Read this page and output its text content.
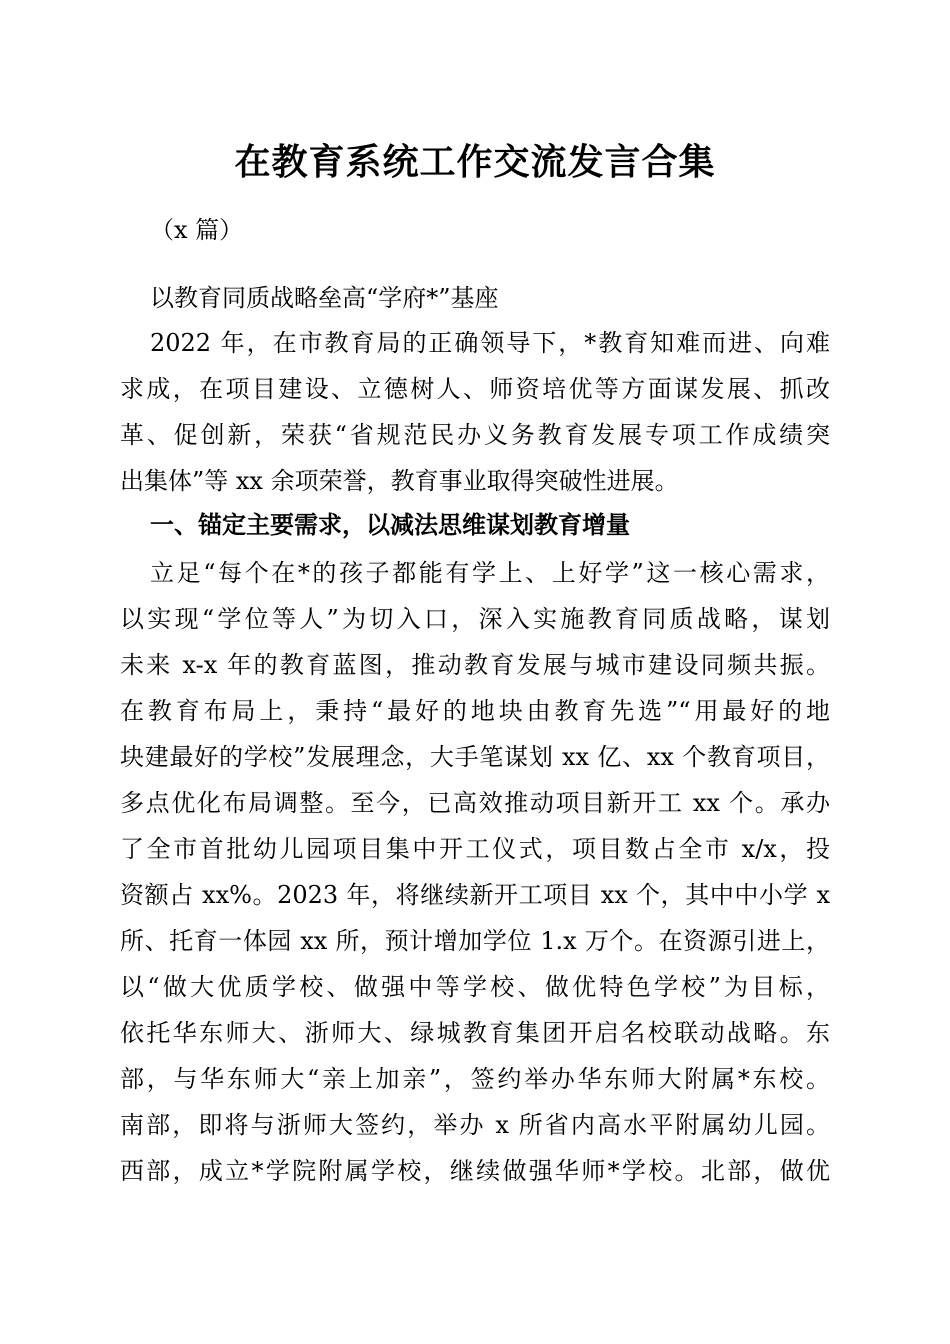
在教育系统工作交流发言合集

（x 篇）

以教育同质战略垒高“学府*”基座

2022 年，在市教育局的正确领导下，*教育知难而进、向难

求成，在项目建设、立德树人、师资培优等方面谋发展、抓改

革、促创新，荣获“省规范民办义务教育发展专项工作成绩突

出集体”等 xx 余项荣誉，教育事业取得突破性进展。

一、锚定主要需求，以减法思维谋划教育增量

立足“每个在*的孩子都能有学上、上好学”这一核心需求，

以实现“学位等人”为切入口，深入实施教育同质战略，谋划

未来 x-x 年的教育蓝图，推动教育发展与城市建设同频共振。

在教育布局上，秉持“最好的地块由教育先选”“用最好的地

块建最好的学校”发展理念，大手笔谋划 xx 亿、xx 个教育项目，

多点优化布局调整。至今，已高效推动项目新开工 xx 个。承办

了全市首批幼儿园项目集中开工仪式，项目数占全市 x/x，投

资额占 xx%。2023 年，将继续新开工项目 xx 个，其中中小学 x

所、托育一体园 xx 所，预计增加学位 1.x 万个。在资源引进上，

以“做大优质学校、做强中等学校、做优特色学校”为目标，

依托华东师大、浙师大、绿城教育集团开启名校联动战略。东

部，与华东师大“亲上加亲”，签约举办华东师大附属*东校。

南部，即将与浙师大签约，举办 x 所省内高水平附属幼儿园。

西部，成立*学院附属学校，继续做强华师*学校。北部，做优
